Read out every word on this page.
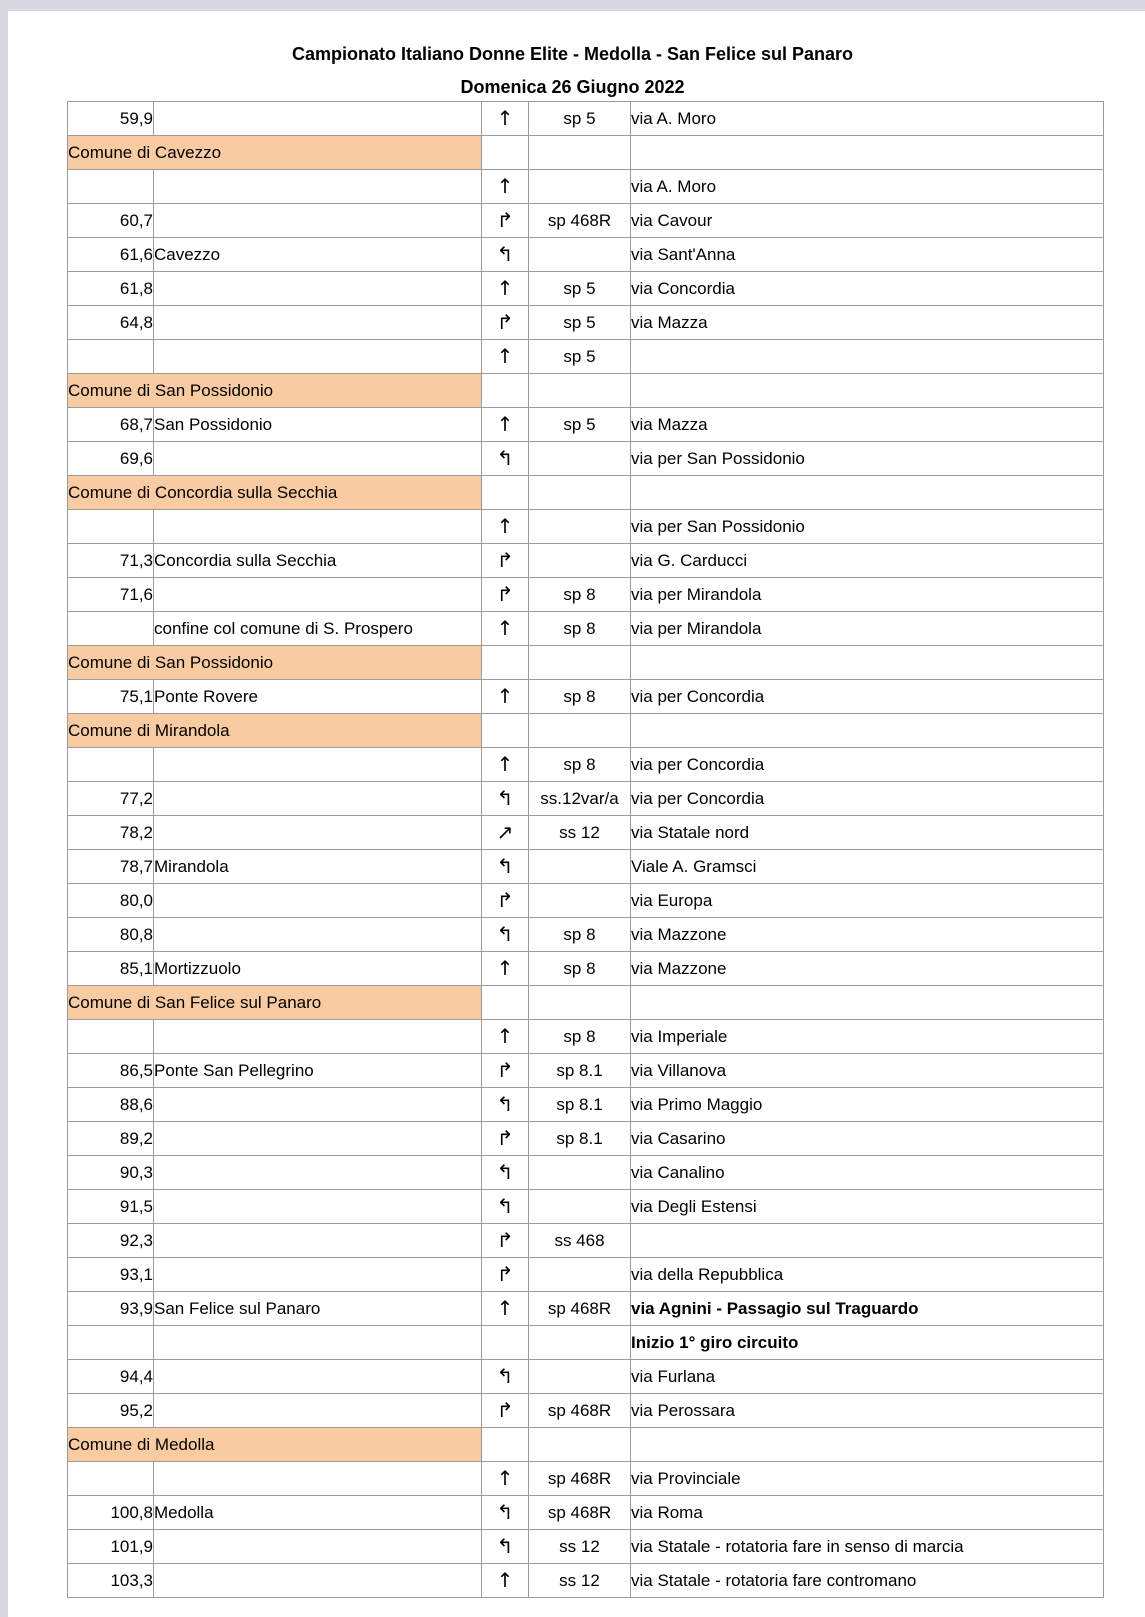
Campionato Italiano Donne Elite - Medolla - San Felice sul Panaro
Domenica 26 Giugno 2022
59,9		↑	sp 5	via A. Moro
Comune di Cavezzo				
		↑		via A. Moro
60,7		↱	sp 468R	via Cavour
61,6	Cavezzo	↰		via Sant'Anna
61,8		↑	sp 5	via Concordia
64,8		↱	sp 5	via Mazza
		↑	sp 5	
Comune di San Possidonio				
68,7	San Possidonio	↑	sp 5	via Mazza
69,6		↰		via per San Possidonio
Comune di Concordia sulla Secchia				
		↑		via per San Possidonio
71,3	Concordia sulla Secchia	↱		via G. Carducci
71,6		↱	sp 8	via per Mirandola
	confine col comune di S. Prospero	↑	sp 8	via per Mirandola
Comune di San Possidonio				
75,1	Ponte Rovere	↑	sp 8	via per Concordia
Comune di Mirandola				
		↑	sp 8	via per Concordia
77,2		↰	ss.12var/a	via per Concordia
78,2		↗	ss 12	via Statale nord
78,7	Mirandola	↰		Viale A. Gramsci
80,0		↱		via Europa
80,8		↰	sp 8	via Mazzone
85,1	Mortizzuolo	↑	sp 8	via Mazzone
Comune di San Felice sul Panaro				
		↑	sp 8	via Imperiale
86,5	Ponte San Pellegrino	↱	sp 8.1	via Villanova
88,6		↰	sp 8.1	via Primo Maggio
89,2		↱	sp 8.1	via Casarino
90,3		↰		via Canalino
91,5		↰		via Degli Estensi
92,3		↱	ss 468	
93,1		↱		via della Repubblica
93,9	San Felice sul Panaro	↑	sp 468R	via Agnini - Passagio sul Traguardo
				Inizio 1° giro circuito
94,4		↰		via Furlana
95,2		↱	sp 468R	via Perossara
Comune di Medolla				
		↑	sp 468R	via Provinciale
100,8	Medolla	↰	sp 468R	via Roma
101,9		↰	ss 12	via Statale - rotatoria fare in senso di marcia
103,3		↑	ss 12	via Statale - rotatoria fare contromano
